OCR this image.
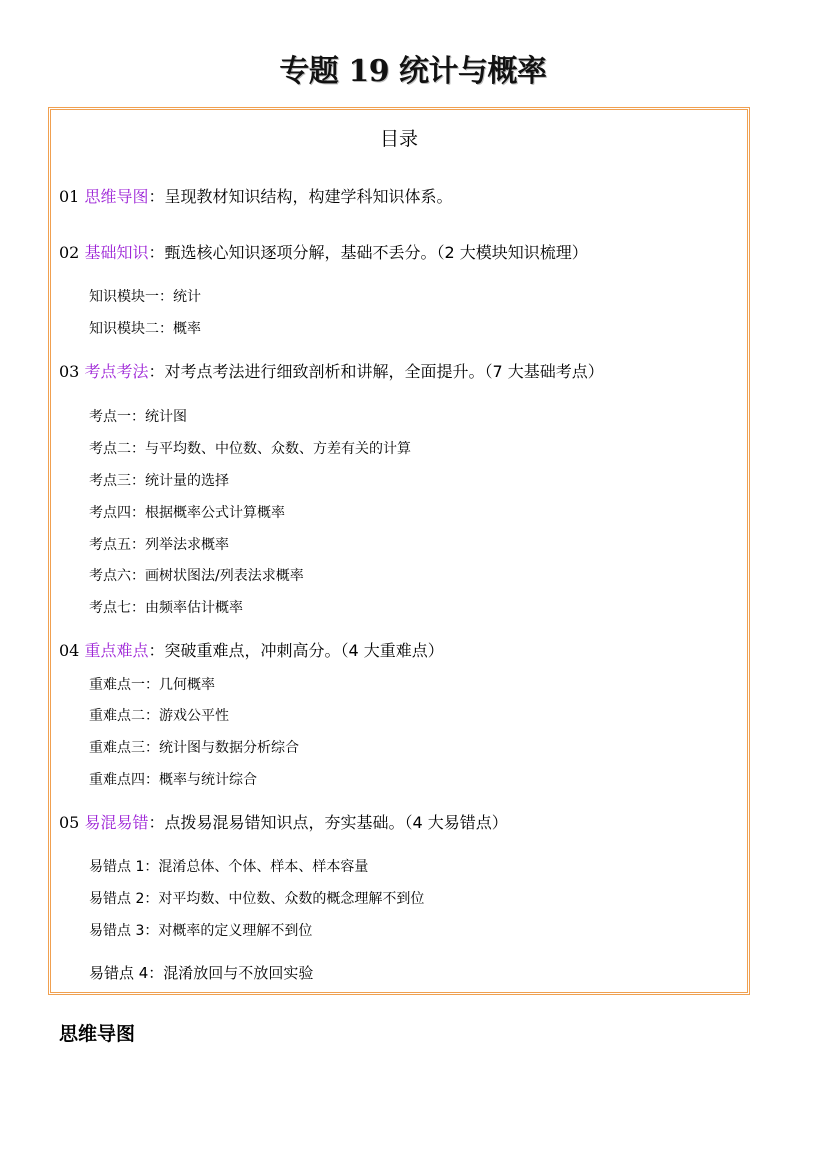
专题 19 统计与概率
目录
01 思维导图：呈现教材知识结构，构建学科知识体系。
02 基础知识：甄选核心知识逐项分解，基础不丢分。（2 大模块知识梳理）
知识模块一：统计
知识模块二：概率
03 考点考法：对考点考法进行细致剖析和讲解，全面提升。（7 大基础考点）
考点一：统计图
考点二：与平均数、中位数、众数、方差有关的计算
考点三：统计量的选择
考点四：根据概率公式计算概率
考点五：列举法求概率
考点六：画树状图法/列表法求概率
考点七：由频率估计概率
04 重点难点：突破重难点，冲刺高分。（4 大重难点）
重难点一：几何概率
重难点二：游戏公平性
重难点三：统计图与数据分析综合
重难点四：概率与统计综合
05 易混易错：点拨易混易错知识点，夯实基础。（4 大易错点）
易错点 1：混淆总体、个体、样本、样本容量
易错点 2：对平均数、中位数、众数的概念理解不到位
易错点 3：对概率的定义理解不到位
易错点 4：混淆放回与不放回实验
思维导图
